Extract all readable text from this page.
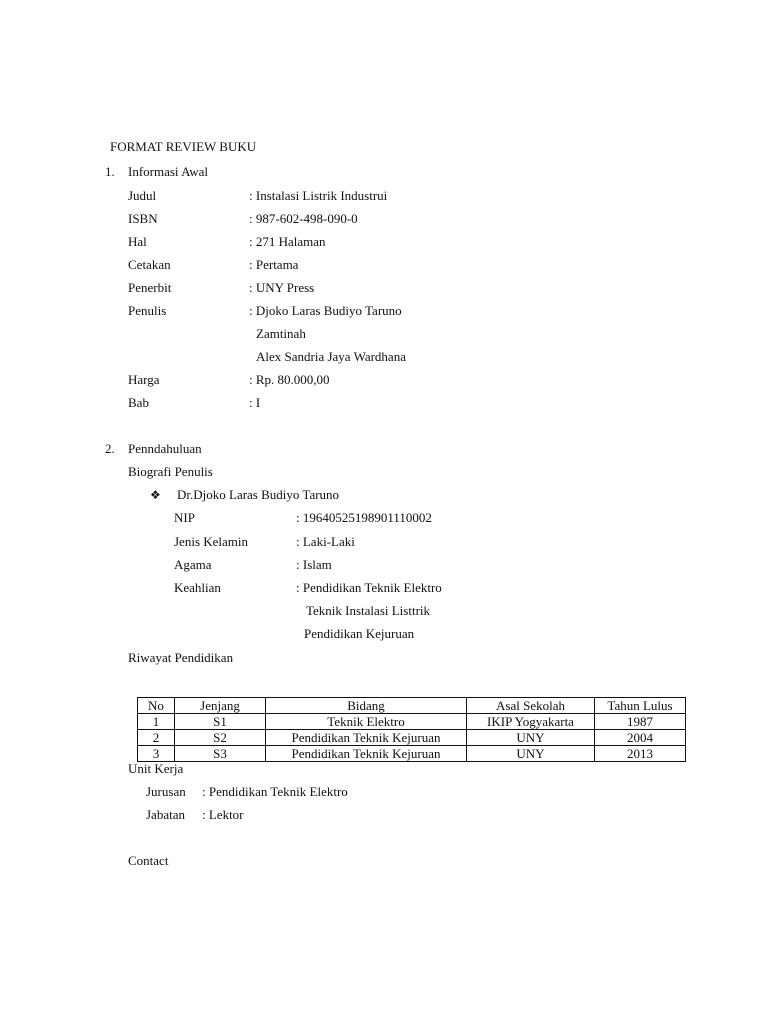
FORMAT REVIEW BUKU
1. Informasi Awal
Judul	: Instalasi Listrik Industrui
ISBN	: 987-602-498-090-0
Hal	: 271 Halaman
Cetakan	: Pertama
Penerbit	: UNY Press
Penulis	: Djoko Laras Budiyo Taruno
Zamtinah
Alex Sandria Jaya Wardhana
Harga	: Rp. 80.000,00
Bab	: I
2. Penndahuluan
Biografi Penulis
❖ Dr.Djoko Laras Budiyo Taruno
NIP	: 19640525198901110002
Jenis Kelamin	: Laki-Laki
Agama	: Islam
Keahlian	: Pendidikan Teknik Elektro
Teknik Instalasi Listtrik
Pendidikan Kejuruan
Riwayat Pendidikan
No	Jenjang	Bidang	Asal Sekolah	Tahun Lulus
1	S1	Teknik Elektro	IKIP Yogyakarta	1987
2	S2	Pendidikan Teknik Kejuruan	UNY	2004
3	S3	Pendidikan Teknik Kejuruan	UNY	2013
Unit Kerja
Jurusan : Pendidikan Teknik Elektro
Jabatan : Lektor
Contact
